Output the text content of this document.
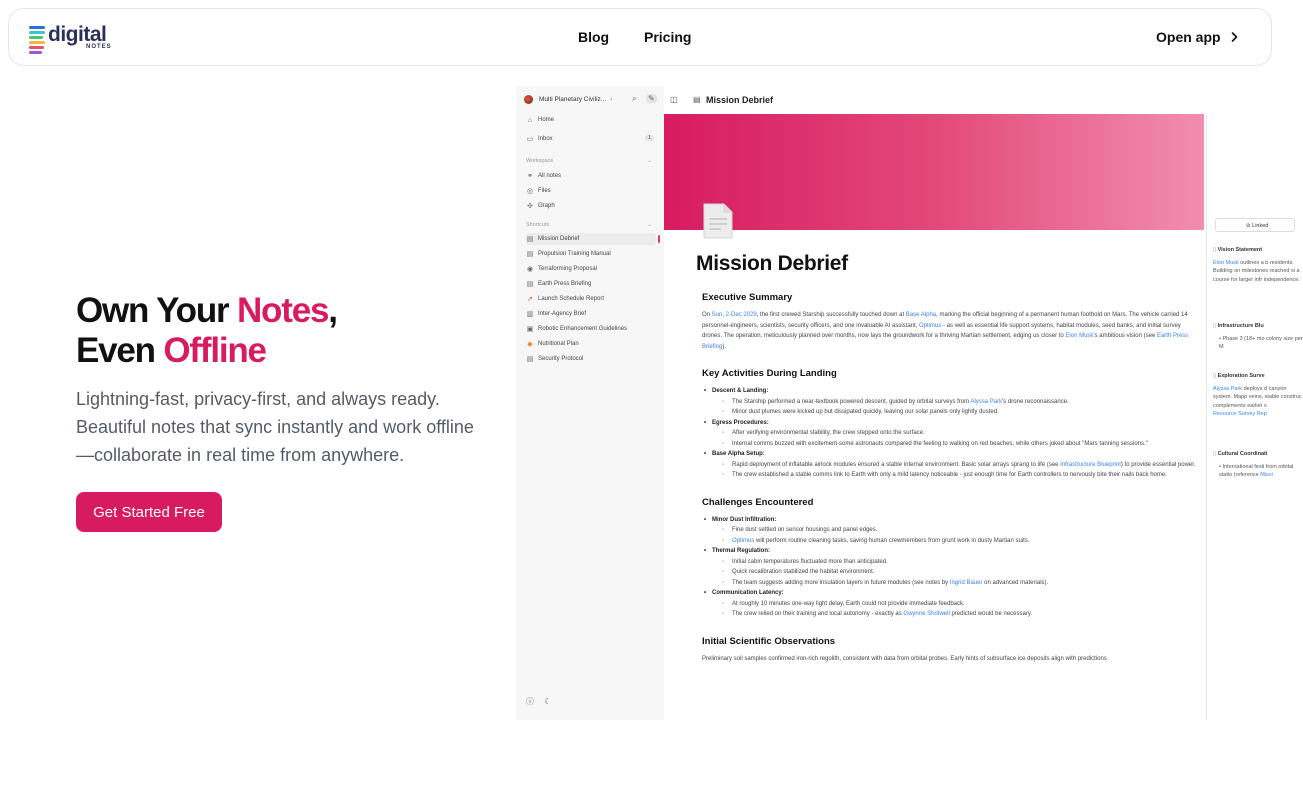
digital
NOTES
Blog Pricing	Open app
Own Your Notes,
Even Offline

Lightning-fast, privacy-first, and always ready. Beautiful notes that sync instantly and work offline—collaborate in real time from anywhere.

Get Started Free
Multi Planetary Civiliz... › ⌕ ✎
⌂ Home
▭ Inbox	1
Workspace	⌄
⚭ All notes
◎ Files
✣ Graph
Shortcuts	⌄
▤ Mission Debrief
▤ Propulsion Training Manual
◉ Terraforming Proposal
▤ Earth Press Briefing
➚ Launch Schedule Report
▥ Inter-Agency Brief
▣ Robotic Enhancement Guidelines
◆ Nutritional Plan
▤ Security Protocol
ⓘ ☾
◫ ▤ Mission Debrief
Mission Debrief
Executive Summary

On Sun, 2-Dec 2029, the first crewed Starship successfully touched down at Base Alpha, marking the official beginning of a permanent human foothold on Mars. The vehicle carried 14 personnel-engineers, scientists, security officers, and one invaluable AI assistant, Optimus - as well as essential life support systems, habitat modules, seed banks, and initial survey drones. The operation, meticulously planned over months, now lays the groundwork for a thriving Martian settlement, edging us closer to Elon Musk's ambitious vision (see Earth Press Briefing).

Key Activities During Landing
• Descent & Landing:
◦ The Starship performed a near-textbook powered descent, guided by orbital surveys from Alyssa Park's drone reconnaissance.
◦ Minor dust plumes were kicked up but dissipated quickly, leaving our solar panels only lightly dusted.
• Egress Procedures:
◦ After verifying environmental stability, the crew stepped onto the surface.
◦ Internal comms buzzed with excitement-some astronauts compared the feeling to walking on red beaches, while others joked about "Mars tanning sessions."
• Base Alpha Setup:
◦ Rapid deployment of inflatable airlock modules ensured a stable internal environment. Basic solar arrays sprang to life (see Infrastructure Blueprint) to provide essential power.
◦ The crew established a stable comms link to Earth with only a mild latency noticeable - just enough time for Earth controllers to nervously bite their nails back home.
Challenges Encountered
• Minor Dust Infiltration:
◦ Fine dust settled on sensor housings and panel edges.
◦ Optimus will perform routine cleaning tasks, saving human crewmembers from grunt work in dusty Martian suits.
• Thermal Regulation:
◦ Initial cabin temperatures fluctuated more than anticipated.
◦ Quick recalibration stabilized the habitat environment.
◦ The team suggests adding more insulation layers in future modules (see notes by Ingrid Bauer on advanced materials).
• Communication Latency:
◦ At roughly 10 minutes one-way light delay, Earth could not provide immediate feedback.
◦ The crew relied on their training and local autonomy - exactly as Gwynne Shotwell predicted would be necessary.
Initial Scientific Observations

Preliminary soil samples confirmed iron-rich regolith, consistent with data from orbital probes. Early hints of subsurface ice deposits align with predictions

⊘ Linked
▯ Vision Statement
Elon Musk outlines a b residents. Building on milestones reached si a course for larger infr independence.
▯ Infrastructure Blu
• Phase 3 (18+ mo colony size per M
▯ Exploration Surve
Alyssa Park deploys d canyon system. Mapp veins, stable construc complements earlier s
Resource Survey Rep
▯ Cultural Coordinati
• International festi from orbital statio (reference Missi
